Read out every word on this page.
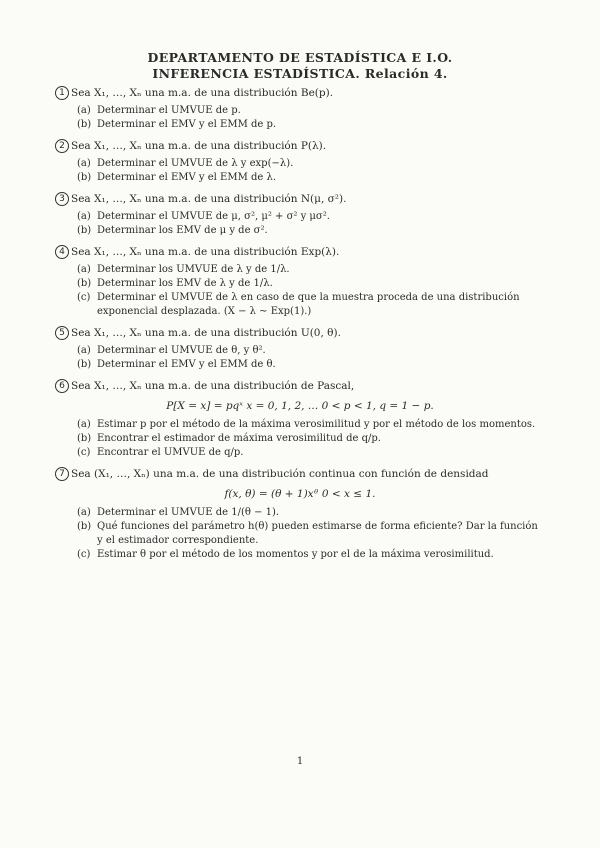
DEPARTAMENTO DE ESTADÍSTICA E I.O.
INFERENCIA ESTADÍSTICA. Relación 4.
1 Sea X₁, …, Xₙ una m.a. de una distribución Be(p).
(a) Determinar el UMVUE de p.
(b) Determinar el EMV y el EMM de p.
2 Sea X₁, …, Xₙ una m.a. de una distribución P(λ).
(a) Determinar el UMVUE de λ y exp(−λ).
(b) Determinar el EMV y el EMM de λ.
3 Sea X₁, …, Xₙ una m.a. de una distribución N(μ, σ²).
(a) Determinar el UMVUE de μ, σ², μ² + σ² y μσ².
(b) Determinar los EMV de μ y de σ².
4 Sea X₁, …, Xₙ una m.a. de una distribución Exp(λ).
(a) Determinar los UMVUE de λ y de 1/λ.
(b) Determinar los EMV de λ y de 1/λ.
(c) Determinar el UMVUE de λ en caso de que la muestra proceda de una distribución exponencial desplazada. (X − λ ∼ Exp(1).)
5 Sea X₁, …, Xₙ una m.a. de una distribución U(0, θ).
(a) Determinar el UMVUE de θ, y θ².
(b) Determinar el EMV y el EMM de θ.
6 Sea X₁, …, Xₙ una m.a. de una distribución de Pascal,
P[X = x] = pqˣ x = 0, 1, 2, … 0 < p < 1, q = 1 − p.
(a) Estimar p por el método de la máxima verosimilitud y por el método de los momentos.
(b) Encontrar el estimador de máxima verosimilitud de q/p.
(c) Encontrar el UMVUE de q/p.
7 Sea (X₁, …, Xₙ) una m.a. de una distribución continua con función de densidad
f(x, θ) = (θ + 1)xᶿ 0 < x ≤ 1.
(a) Determinar el UMVUE de 1/(θ − 1).
(b) Qué funciones del parámetro h(θ) pueden estimarse de forma eficiente? Dar la función y el estimador correspondiente.
(c) Estimar θ por el método de los momentos y por el de la máxima verosimilitud.
1
